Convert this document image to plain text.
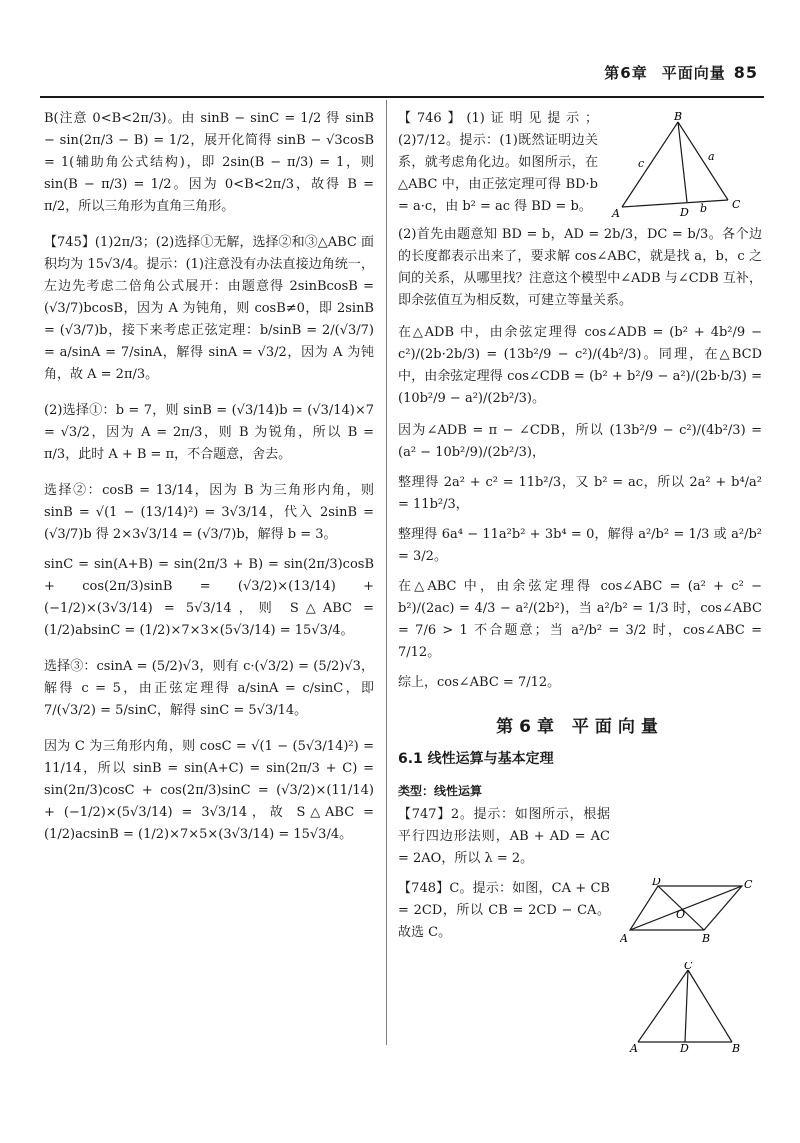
第6章 平面向量 85

B(注意 0<B<2π/3)。由 sinB − sinC = 1/2 得 sinB − sin(2π/3 − B) = 1/2，展开化简得 sinB − √3cosB = 1(辅助角公式结构)，即 2sin(B − π/3) = 1，则 sin(B − π/3) = 1/2。因为 0<B<2π/3，故得 B = π/2，所以三角形为直角三角形。

【745】(1)2π/3；(2)选择①无解，选择②和③△ABC 面积均为 15√3/4。提示：(1)注意没有办法直接边角统一，左边先考虑二倍角公式展开：由题意得 2sinBcosB = (√3/7)bcosB，因为 A 为钝角，则 cosB≠0，即 2sinB = (√3/7)b，接下来考虑正弦定理：b/sinB = 2/(√3/7) = a/sinA = 7/sinA，解得 sinA = √3/2，因为 A 为钝角，故 A = 2π/3。

(2)选择①：b = 7，则 sinB = (√3/14)b = (√3/14)×7 = √3/2，因为 A = 2π/3，则 B 为锐角，所以 B = π/3，此时 A + B = π，不合题意，舍去。

选择②：cosB = 13/14，因为 B 为三角形内角，则 sinB = √(1 − (13/14)²) = 3√3/14，代入 2sinB = (√3/7)b 得 2×3√3/14 = (√3/7)b，解得 b = 3。

sinC = sin(A+B) = sin(2π/3 + B) = sin(2π/3)cosB + cos(2π/3)sinB = (√3/2)×(13/14) + (−1/2)×(3√3/14) = 5√3/14，则 S△ABC = (1/2)absinC = (1/2)×7×3×(5√3/14) = 15√3/4。

选择③：csinA = (5/2)√3，则有 c·(√3/2) = (5/2)√3，解得 c = 5，由正弦定理得 a/sinA = c/sinC，即 7/(√3/2) = 5/sinC，解得 sinC = 5√3/14。

因为 C 为三角形内角，则 cosC = √(1 − (5√3/14)²) = 11/14，所以 sinB = sin(A+C) = sin(2π/3 + C) = sin(2π/3)cosC + cos(2π/3)sinC = (√3/2)×(11/14) + (−1/2)×(5√3/14) = 3√3/14，故 S△ABC = (1/2)acsinB = (1/2)×7×5×(3√3/14) = 15√3/4。

【746】(1)证明见提示；(2)7/12。提示：(1)既然证明边关系，就考虑角化边。如图所示，在△ABC 中，由正弦定理可得 BD·b = a·c，由 b² = ac 得 BD = b。

(2)首先由题意知 BD = b，AD = 2b/3，DC = b/3。各个边的长度都表示出来了，要求解 cos∠ABC，就是找 a，b，c 之间的关系，从哪里找？注意这个模型中∠ADB 与∠CDB 互补，即余弦值互为相反数，可建立等量关系。

在△ADB 中，由余弦定理得 cos∠ADB = (b² + 4b²/9 − c²)/(2b·2b/3) = (13b²/9 − c²)/(4b²/3)。同理，在△BCD 中，由余弦定理得 cos∠CDB = (b² + b²/9 − a²)/(2b·b/3) = (10b²/9 − a²)/(2b²/3)。

因为∠ADB = π − ∠CDB，所以 (13b²/9 − c²)/(4b²/3) = (a² − 10b²/9)/(2b²/3)，

整理得 2a² + c² = 11b²/3，又 b² = ac，所以 2a² + b⁴/a² = 11b²/3，

整理得 6a⁴ − 11a²b² + 3b⁴ = 0，解得 a²/b² = 1/3 或 a²/b² = 3/2。

在△ABC 中，由余弦定理得 cos∠ABC = (a² + c² − b²)/(2ac) = 4/3 − a²/(2b²)，当 a²/b² = 1/3 时，cos∠ABC = 7/6 > 1 不合题意；当 a²/b² = 3/2 时，cos∠ABC = 7/12。

综上，cos∠ABC = 7/12。

第6章 平面向量
6.1 线性运算与基本定理
类型：线性运算

【747】2。提示：如图所示，根据平行四边形法则，AB + AD = AC = 2AO，所以 λ = 2。

【748】C。提示：如图，CA + CB = 2CD，所以 CB = 2CD − CA。故选 C。

B
A	D
C
a
b
c
D	C
O
A	B
C
A	D	B
